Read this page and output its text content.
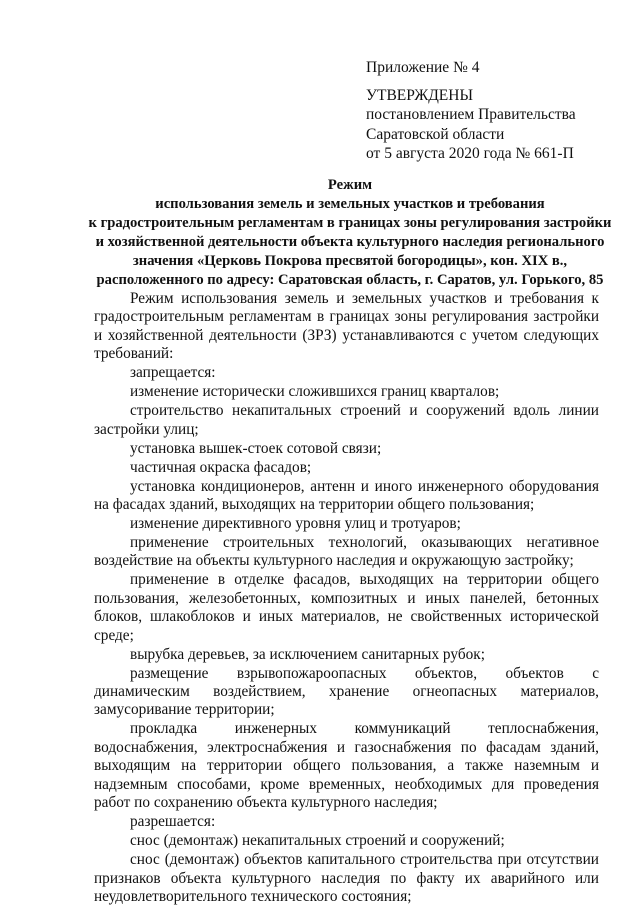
Приложение № 4
УТВЕРЖДЕНЫ
постановлением Правительства
Саратовской области
от 5 августа 2020 года № 661-П
Режим
использования земель и земельных участков и требования
к градостроительным регламентам в границах зоны регулирования застройки
и хозяйственной деятельности объекта культурного наследия регионального
значения «Церковь Покрова пресвятой богородицы», кон. XIX в.,
расположенного по адресу: Саратовская область, г. Саратов, ул. Горького, 85

Режим использования земель и земельных участков и требования к градостроительным регламентам в границах зоны регулирования застройки и хозяйственной деятельности (ЗРЗ) устанавливаются с учетом следующих требований:

запрещается:

изменение исторически сложившихся границ кварталов;

строительство некапитальных строений и сооружений вдоль линии застройки улиц;

установка вышек-стоек сотовой связи;

частичная окраска фасадов;

установка кондиционеров, антенн и иного инженерного оборудования на фасадах зданий, выходящих на территории общего пользования;

изменение директивного уровня улиц и тротуаров;

применение строительных технологий, оказывающих негативное воздействие на объекты культурного наследия и окружающую застройку;

применение в отделке фасадов, выходящих на территории общего пользования, железобетонных, композитных и иных панелей, бетонных блоков, шлакоблоков и иных материалов, не свойственных исторической среде;

вырубка деревьев, за исключением санитарных рубок;

размещение взрывопожароопасных объектов, объектов с динамическим воздействием, хранение огнеопасных материалов, замусоривание территории;

прокладка инженерных коммуникаций теплоснабжения, водоснабжения, электроснабжения и газоснабжения по фасадам зданий, выходящим на территории общего пользования, а также наземным и надземным способами, кроме временных, необходимых для проведения работ по сохранению объекта культурного наследия;

разрешается:

снос (демонтаж) некапитальных строений и сооружений;

снос (демонтаж) объектов капитального строительства при отсутствии признаков объекта культурного наследия по факту их аварийного или неудовлетворительного технического состояния;
